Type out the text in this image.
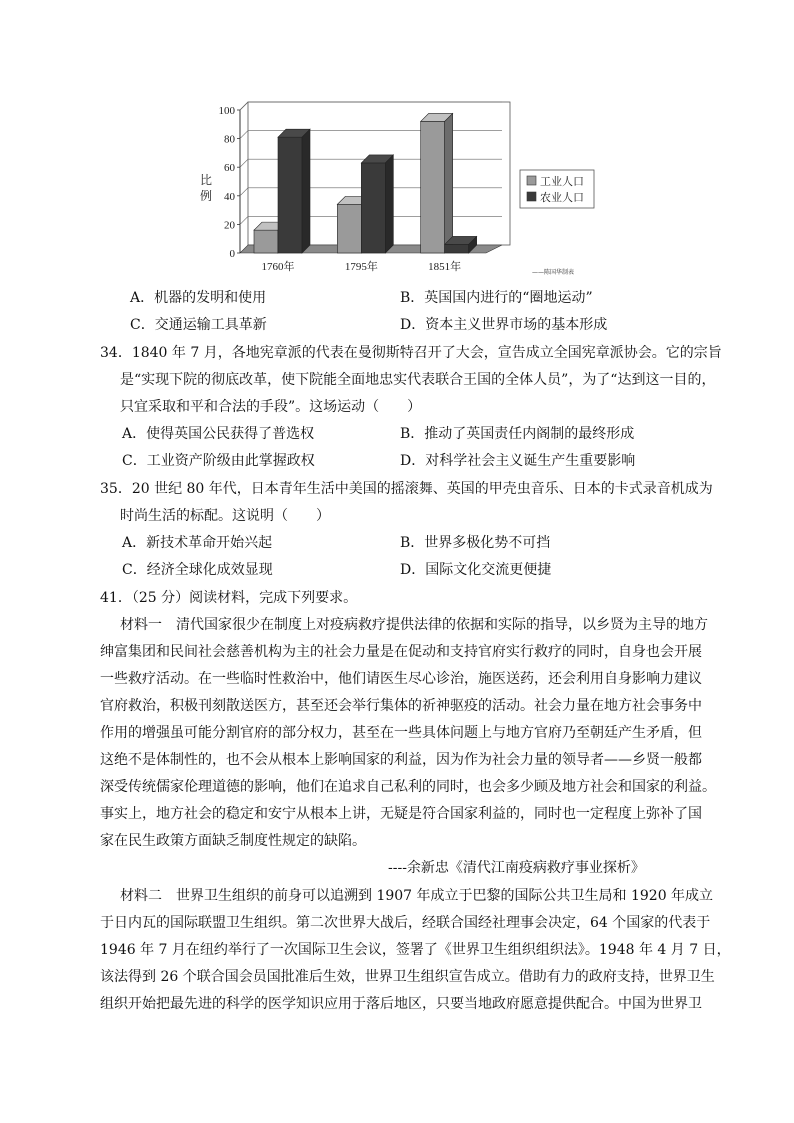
0
20
40
60
80
100
1760年	1795年	1851年
比
例
工业人口
农业人口
——陈国华制表
A．机器的发明和使用	B．英国国内进行的“圈地运动”
C．交通运输工具革新	D．资本主义世界市场的基本形成
34．1840 年 7 月，各地宪章派的代表在曼彻斯特召开了大会，宣告成立全国宪章派协会。它的宗旨
是“实现下院的彻底改革，使下院能全面地忠实代表联合王国的全体人员”，为了“达到这一目的，
只宜采取和平和合法的手段”。这场运动（　　）
A．使得英国公民获得了普选权	B．推动了英国责任内阁制的最终形成
C．工业资产阶级由此掌握政权	D．对科学社会主义诞生产生重要影响
35．20 世纪 80 年代，日本青年生活中美国的摇滚舞、英国的甲壳虫音乐、日本的卡式录音机成为
时尚生活的标配。这说明（　　）
A．新技术革命开始兴起	B．世界多极化势不可挡
C．经济全球化成效显现	D．国际文化交流更便捷
41．（25 分）阅读材料，完成下列要求。
材料一　清代国家很少在制度上对疫病救疗提供法律的依据和实际的指导，以乡贤为主导的地方
绅富集团和民间社会慈善机构为主的社会力量是在促动和支持官府实行救疗的同时，自身也会开展
一些救疗活动。在一些临时性救治中，他们请医生尽心诊治，施医送药，还会利用自身影响力建议
官府救治，积极刊刻散送医方，甚至还会举行集体的祈神驱疫的活动。社会力量在地方社会事务中
作用的增强虽可能分割官府的部分权力，甚至在一些具体问题上与地方官府乃至朝廷产生矛盾，但
这绝不是体制性的，也不会从根本上影响国家的利益，因为作为社会力量的领导者——乡贤一般都
深受传统儒家伦理道德的影响，他们在追求自己私利的同时，也会多少顾及地方社会和国家的利益。
事实上，地方社会的稳定和安宁从根本上讲，无疑是符合国家利益的，同时也一定程度上弥补了国
家在民生政策方面缺乏制度性规定的缺陷。
----余新忠《清代江南疫病救疗事业探析》
材料二　世界卫生组织的前身可以追溯到 1907 年成立于巴黎的国际公共卫生局和 1920 年成立
于日内瓦的国际联盟卫生组织。第二次世界大战后，经联合国经社理事会决定，64 个国家的代表于
1946 年 7 月在纽约举行了一次国际卫生会议，签署了《世界卫生组织组织法》。1948 年 4 月 7 日，
该法得到 26 个联合国会员国批准后生效，世界卫生组织宣告成立。借助有力的政府支持，世界卫生
组织开始把最先进的科学的医学知识应用于落后地区，只要当地政府愿意提供配合。中国为世界卫
